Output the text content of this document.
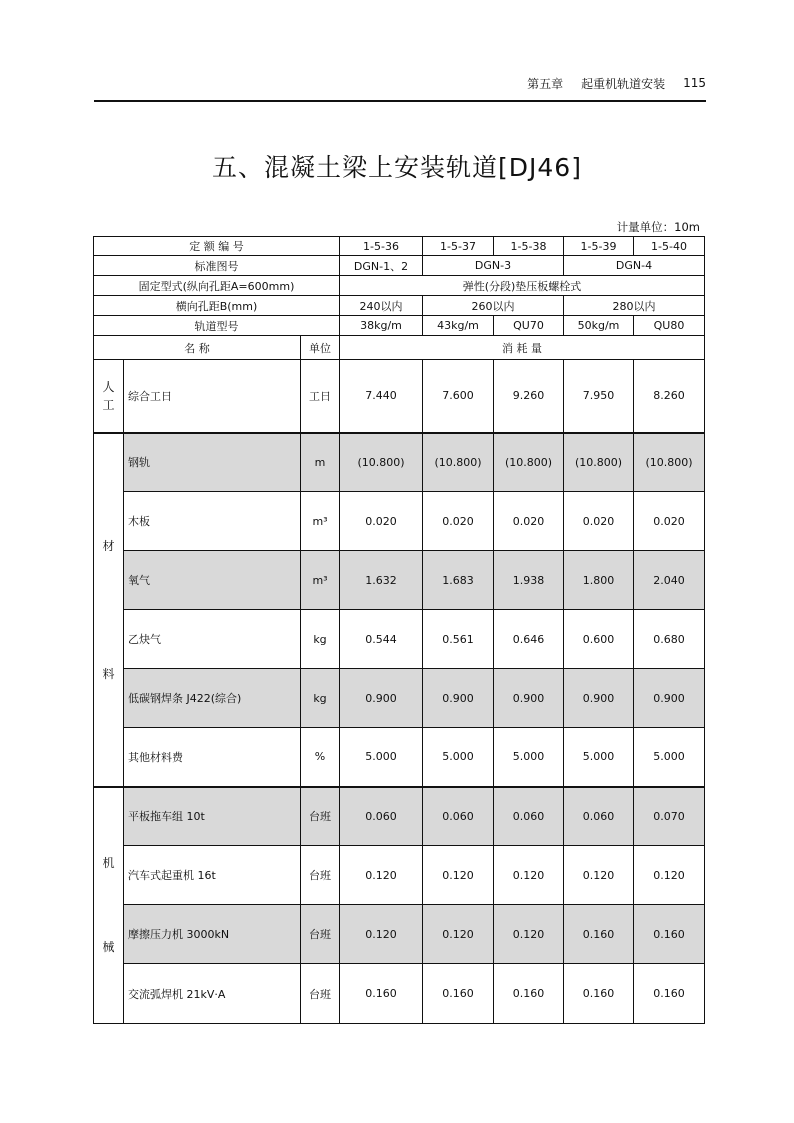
第五章 起重机轨道安装 115
五、混凝土梁上安装轨道[DJ46]
计量单位：10m
定 额 编 号			1-5-36	1-5-37	1-5-38	1-5-39	1-5-40
标准图号			DGN-1、2	DGN-3		DGN-4	
固定型式(纵向孔距A=600mm)			弹性(分段)垫压板螺栓式				
横向孔距B(mm)			240以内	260以内		280以内	
轨道型号			38kg/m	43kg/m	QU70	50kg/m	QU80
名 称		单位	消 耗 量				

人
工	综合工日	工日	7.440	7.600	9.260	7.950	8.260

材
料	钢轨	m	(10.800)	(10.800)	(10.800)	(10.800)	(10.800)
	木板	m³	0.020	0.020	0.020	0.020	0.020
	氧气	m³	1.632	1.683	1.938	1.800	2.040
	乙炔气	kg	0.544	0.561	0.646	0.600	0.680
	低碳钢焊条 J422(综合)	kg	0.900	0.900	0.900	0.900	0.900
	其他材料费	%	5.000	5.000	5.000	5.000	5.000

机
械	平板拖车组 10t	台班	0.060	0.060	0.060	0.060	0.070
	汽车式起重机 16t	台班	0.120	0.120	0.120	0.120	0.120
	摩擦压力机 3000kN	台班	0.120	0.120	0.120	0.160	0.160
	交流弧焊机 21kV·A	台班	0.160	0.160	0.160	0.160	0.160
